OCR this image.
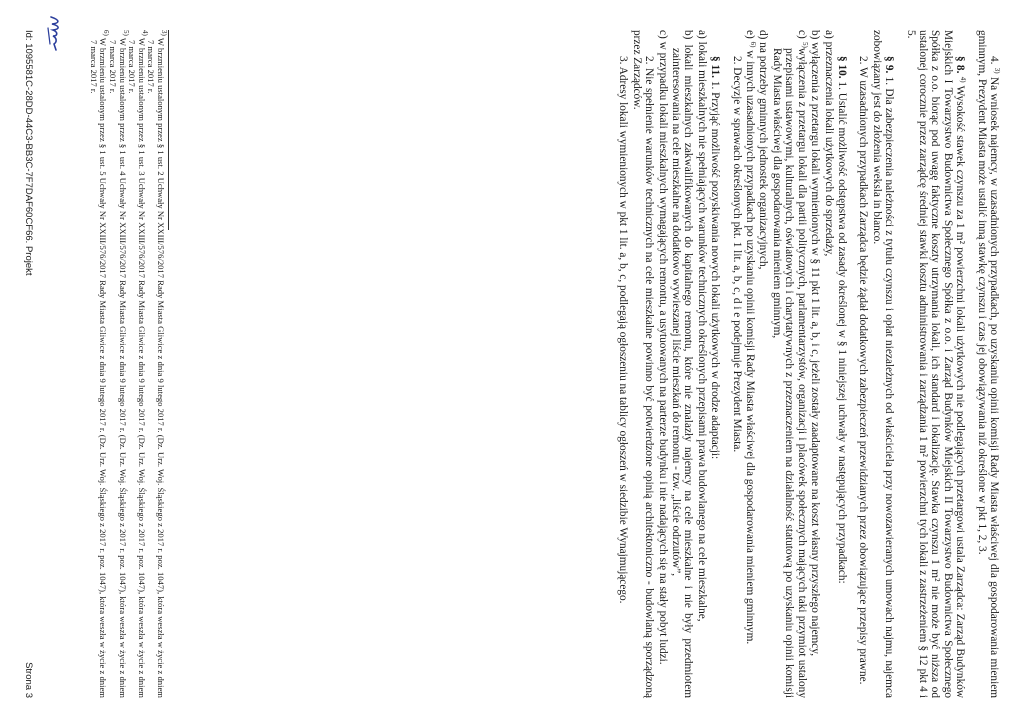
4. $^{3)}$ Na wniosek najemcy, w uzasadnionych przypadkach, po uzyskaniu opinii komisji Rady Miasta właściwej dla gospodarowania mieniem gminnym, Prezydent Miasta może ustalić inną stawkę czynszu i czas jej obowiązywania niż określone w pkt 1, 2, 3.

§ 8. $^{4)}$ Wysokość stawek czynszu za 1 m² powierzchni lokali użytkowych nie podlegających przetargowi ustala Zarządca: Zarząd Budynków Miejskich I Towarzystwo Budownictwa Społecznego Spółka z o.o. i Zarząd Budynków Miejskich II Towarzystwo Budownictwa Społecznego Spółka z o.o. biorąc pod uwagę faktyczne koszty utrzymania lokali, ich standard i lokalizację. Stawka czynszu 1 m² nie może być niższa od ustalonej corocznie przez zarządcę średniej stawki kosztu administrowania i zarządzania 1 m² powierzchni tych lokali z zastrzeżeniem § 12 pkt 4 i 5.

§ 9. 1. Dla zabezpieczenia należności z tytułu czynszu i opłat niezależnych od właściciela przy nowozawieranych umowach najmu, najemca zobowiązany jest do złożenia weksla in blanco.

2. W uzasadnionych przypadkach Zarządca będzie żądał dodatkowych zabezpieczeń przewidzianych przez obowiązujące przepisy prawne.

§ 10. 1. Ustalić możliwość odstępstwa od zasady określonej w § 1 niniejszej uchwały w następujących przypadkach:

a) przeznaczenia lokali użytkowych do sprzedaży,

b) wyłączenia z przetargu lokali wymienionych w § 11 pkt 1 lit. a, b, i c, jeżeli zostały zaadaptowane na koszt własny przyszłego najemcy,

c) $^{5)}$wyłączenia z przetargu lokali dla partii politycznych, parlamentarzystów, organizacji i placówek społecznych mających taki przymiot ustalony przepisami ustawowymi, kulturalnych, oświatowych i charytatywnych z przeznaczeniem na działalność statutową po uzyskaniu opinii komisji Rady Miasta właściwej dla gospodarowania mieniem gminnym,

d) na potrzeby gminnych jednostek organizacyjnych,

e) $^{6)}$ w innych uzasadnionych przypadkach po uzyskaniu opinii komisji Rady Miasta właściwej dla gospodarowania mieniem gminnym.

2. Decyzje w sprawach określonych pkt. 1 lit. a, b, c, d i e podejmuje Prezydent Miasta.

§ 11. 1. Przyjąć możliwość pozyskiwania nowych lokali użytkowych w drodze adaptacji:

a) lokali mieszkalnych nie spełniających warunków technicznych określonych przepisami prawa budowlanego na cele mieszkalne,

b) lokali mieszkalnych zakwalifikowanych do kapitalnego remontu, które nie znalazły najemcy na cele mieszkalne i nie były przedmiotem zainteresowania na cele mieszkalne na dodatkowo wywieszanej liście mieszkań do remontu - tzw. „liście odrzutów”,

c) w przypadku lokali mieszkalnych wymagających remontu, a usytuowanych na parterze budynku i nie nadających się na stały pobyt ludzi.

2. Nie spełnienie warunków technicznych na cele mieszkalne powinno być potwierdzone opinią architektoniczno - budowlaną sporządzoną przez Zarządców.

3. Adresy lokali wymienionych w pkt 1 lit. a, b, c, podlegają ogłoszeniu na tablicy ogłoszeń w siedzibie Wynajmującego.

$^{3)}$ W brzmieniu ustalonym przez § 1 ust. 2 Uchwały Nr XXIII/576/2017 Rady Miasta Gliwice z dnia 9 lutego 2017 r. (Dz. Urz. Woj. Śląskiego z 2017 r. poz. 1047), która weszła w życie z dniem 7 marca 2017 r.

$^{4)}$ W brzmieniu ustalonym przez § 1 ust. 3 Uchwały Nr XXIII/576/2017 Rady Miasta Gliwice z dnia 9 lutego 2017 r. (Dz. Urz. Woj. Śląskiego z 2017 r. poz. 1047), która weszła w życie z dniem 7 marca 2017 r.

$^{5)}$ W brzmieniu ustalonym przez § 1 ust. 4 Uchwały Nr XXIII/576/2017 Rady Miasta Gliwice z dnia 9 lutego 2017 r. (Dz. Urz. Woj. Śląskiego z 2017 r. poz. 1047), która weszła w życie z dniem 7 marca 2017 r.

$^{6)}$ W brzmieniu ustalonym przez § 1 ust. 5 Uchwały Nr XXIII/576/2017 Rady Miasta Gliwice z dnia 9 lutego 2017 r. (Dz. Urz. Woj. Śląskiego z 2017 r. poz. 1047), która weszła w życie z dniem 7 marca 2017 r.

Id: 1095581C-28DD-44C3-BB3C-7F7DAF60CF66. Projekt
Strona 3
